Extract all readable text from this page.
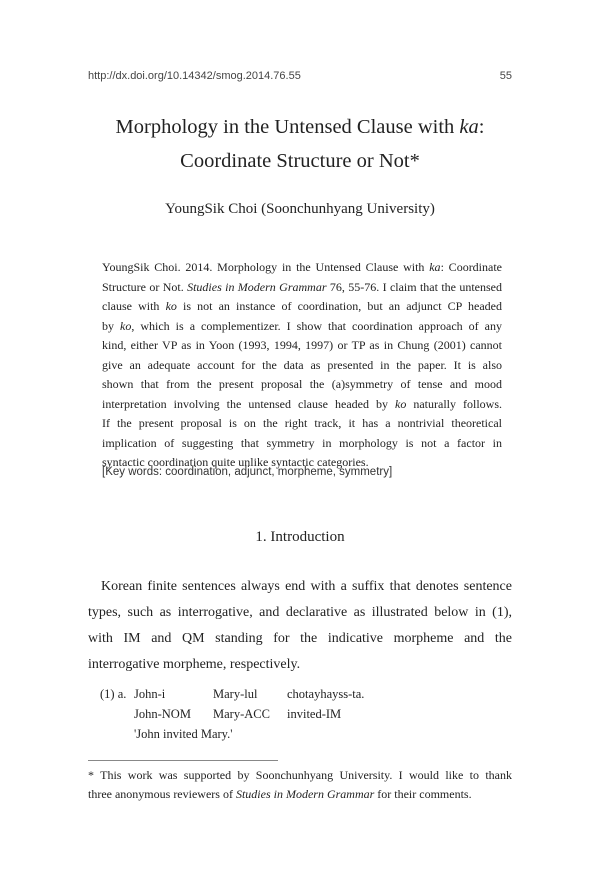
http://dx.doi.org/10.14342/smog.2014.76.55	55
Morphology in the Untensed Clause with ka:
Coordinate Structure or Not*
YoungSik Choi (Soonchunhyang University)
YoungSik Choi. 2014. Morphology in the Untensed Clause with ka: Coordinate
Structure or Not. Studies in Modern Grammar 76, 55-76. I claim that the untensed
clause with ko is not an instance of coordination, but an adjunct CP headed
by ko, which is a complementizer. I show that coordination approach of any
kind, either VP as in Yoon (1993, 1994, 1997) or TP as in Chung (2001) cannot
give an adequate account for the data as presented in the paper. It is also
shown that from the present proposal the (a)symmetry of tense and mood
interpretation involving the untensed clause headed by ko naturally follows.
If the present proposal is on the right track, it has a nontrivial theoretical
implication of suggesting that symmetry in morphology is not a factor in
syntactic coordination quite unlike syntactic categories.
[Key words: coordination, adjunct, morpheme, symmetry]
1. Introduction
Korean finite sentences always end with a suffix that denotes sentence
types, such as interrogative, and declarative as illustrated below in (1),
with IM and QM standing for the indicative morpheme and the
interrogative morpheme, respectively.
(1) a. John-i	Mary-lul chotayhayss-ta.
John-NOM Mary-ACC invited-IM
'John invited Mary.'
* This work was supported by Soonchunhyang University. I would like to thank
three anonymous reviewers of Studies in Modern Grammar for their comments.
